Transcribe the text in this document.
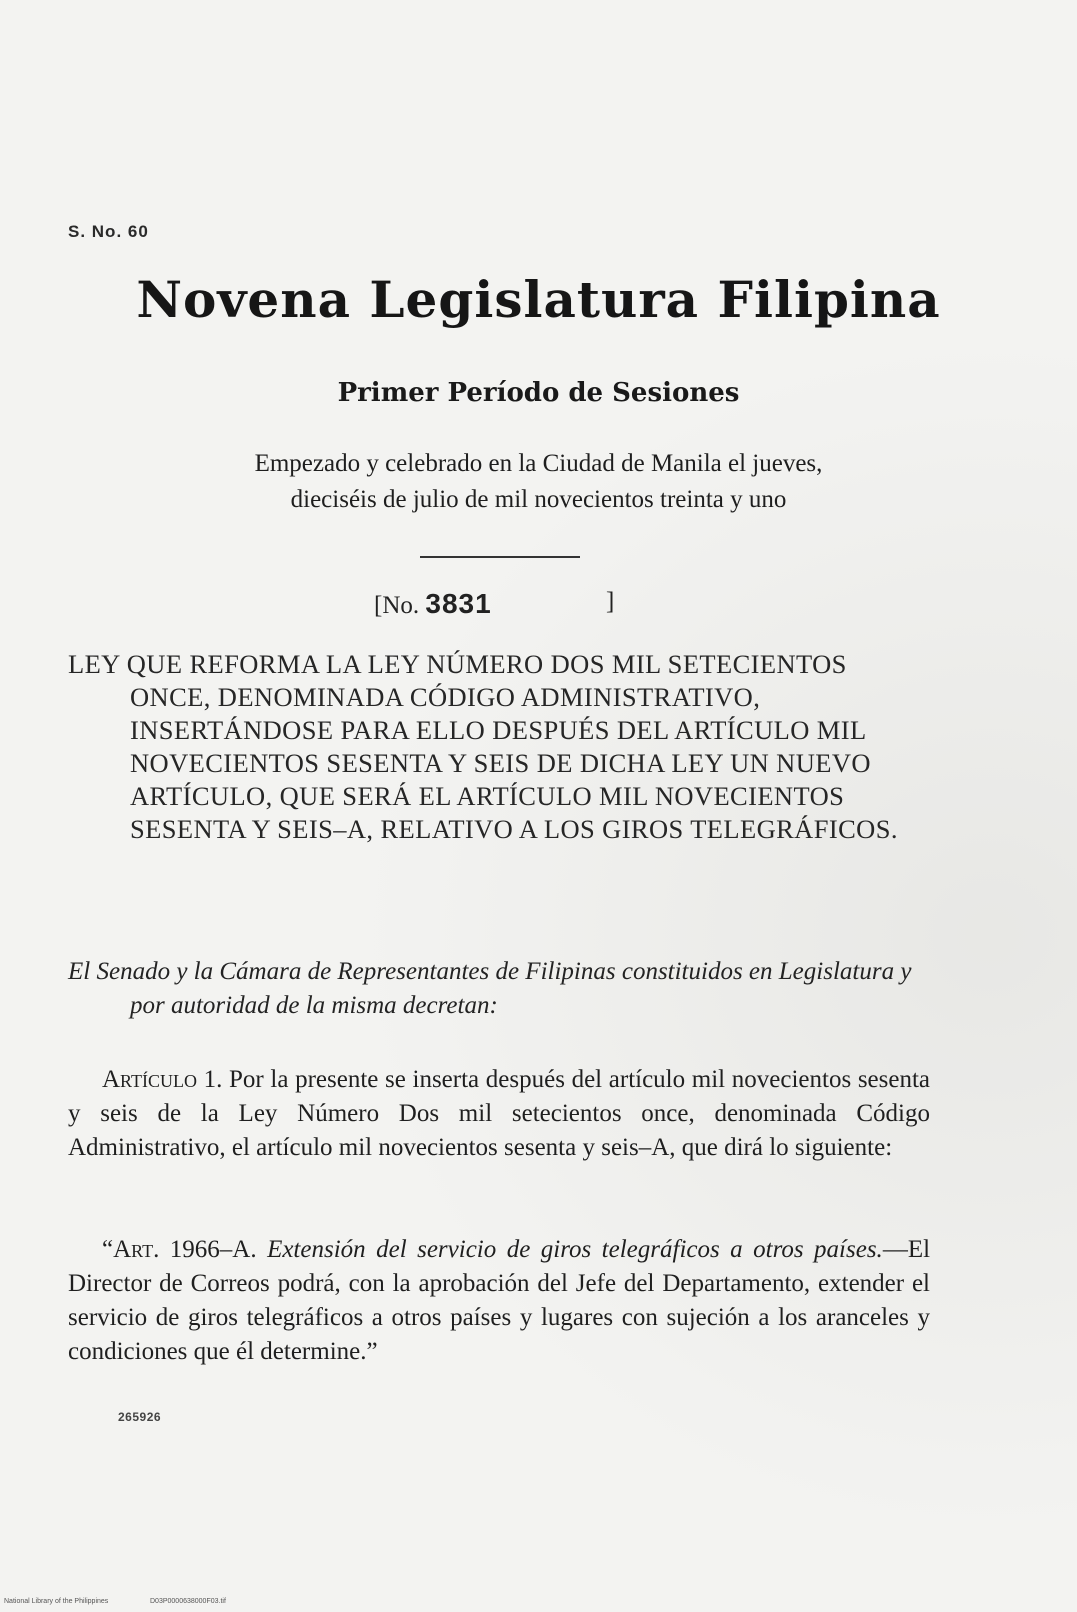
S. No. 60
Novena Legislatura Filipina
Primer Período de Sesiones
Empezado y celebrado en la Ciudad de Manila el jueves,
dieciséis de julio de mil novecientos treinta y uno
[No. 3831	]
LEY QUE REFORMA LA LEY NÚMERO DOS MIL SETECIENTOS ONCE, DENOMINADA CÓDIGO ADMINISTRATIVO, INSERTÁNDOSE PARA ELLO DESPUÉS DEL ARTÍCULO MIL NOVECIENTOS SESENTA Y SEIS DE DICHA LEY UN NUEVO ARTÍCULO, QUE SERÁ EL ARTÍCULO MIL NOVECIENTOS SESENTA Y SEIS–A, RELATIVO A LOS GIROS TELEGRÁFICOS.
El Senado y la Cámara de Representantes de Filipinas constituidos en Legislatura y por autoridad de la misma decretan:
Artículo 1. Por la presente se inserta después del artículo mil novecientos sesenta y seis de la Ley Número Dos mil setecientos once, denominada Código Administrativo, el artículo mil novecientos sesenta y seis–A, que dirá lo siguiente:
“Art. 1966–A. Extensión del servicio de giros telegráficos a otros países.—El Director de Correos podrá, con la aprobación del Jefe del Departamento, extender el servicio de giros telegráficos a otros países y lugares con sujeción a los aranceles y condiciones que él determine.”
265926
National Library of the Philippines	D03P0000638000F03.tif
